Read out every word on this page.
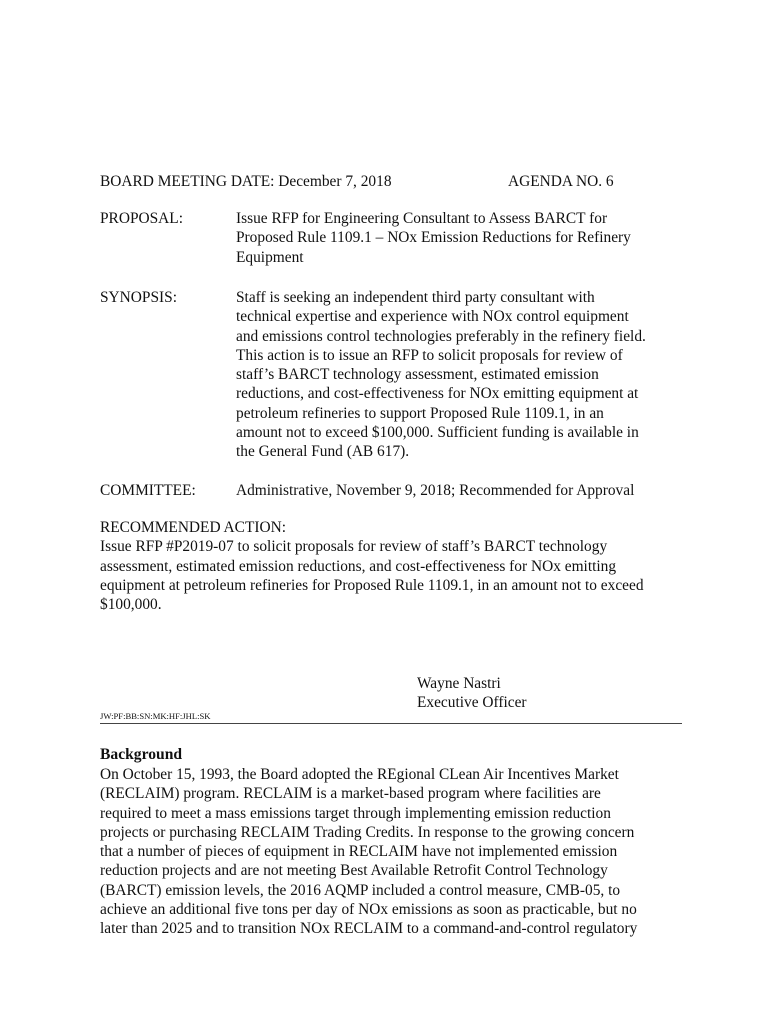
BOARD MEETING DATE: December 7, 2018	AGENDA NO. 6
PROPOSAL:	Issue RFP for Engineering Consultant to Assess BARCT for
Proposed Rule 1109.1 – NOx Emission Reductions for Refinery
Equipment
SYNOPSIS:	Staff is seeking an independent third party consultant with
technical expertise and experience with NOx control equipment
and emissions control technologies preferably in the refinery field.
This action is to issue an RFP to solicit proposals for review of
staff’s BARCT technology assessment, estimated emission
reductions, and cost-effectiveness for NOx emitting equipment at
petroleum refineries to support Proposed Rule 1109.1, in an
amount not to exceed $100,000. Sufficient funding is available in
the General Fund (AB 617).
COMMITTEE:	Administrative, November 9, 2018; Recommended for Approval
RECOMMENDED ACTION:
Issue RFP #P2019-07 to solicit proposals for review of staff’s BARCT technology
assessment, estimated emission reductions, and cost-effectiveness for NOx emitting
equipment at petroleum refineries for Proposed Rule 1109.1, in an amount not to exceed
$100,000.
Wayne Nastri
Executive Officer
JW:PF:BB:SN:MK:HF:JHL:SK
Background
On October 15, 1993, the Board adopted the REgional CLean Air Incentives Market
(RECLAIM) program. RECLAIM is a market-based program where facilities are
required to meet a mass emissions target through implementing emission reduction
projects or purchasing RECLAIM Trading Credits. In response to the growing concern
that a number of pieces of equipment in RECLAIM have not implemented emission
reduction projects and are not meeting Best Available Retrofit Control Technology
(BARCT) emission levels, the 2016 AQMP included a control measure, CMB-05, to
achieve an additional five tons per day of NOx emissions as soon as practicable, but no
later than 2025 and to transition NOx RECLAIM to a command-and-control regulatory
